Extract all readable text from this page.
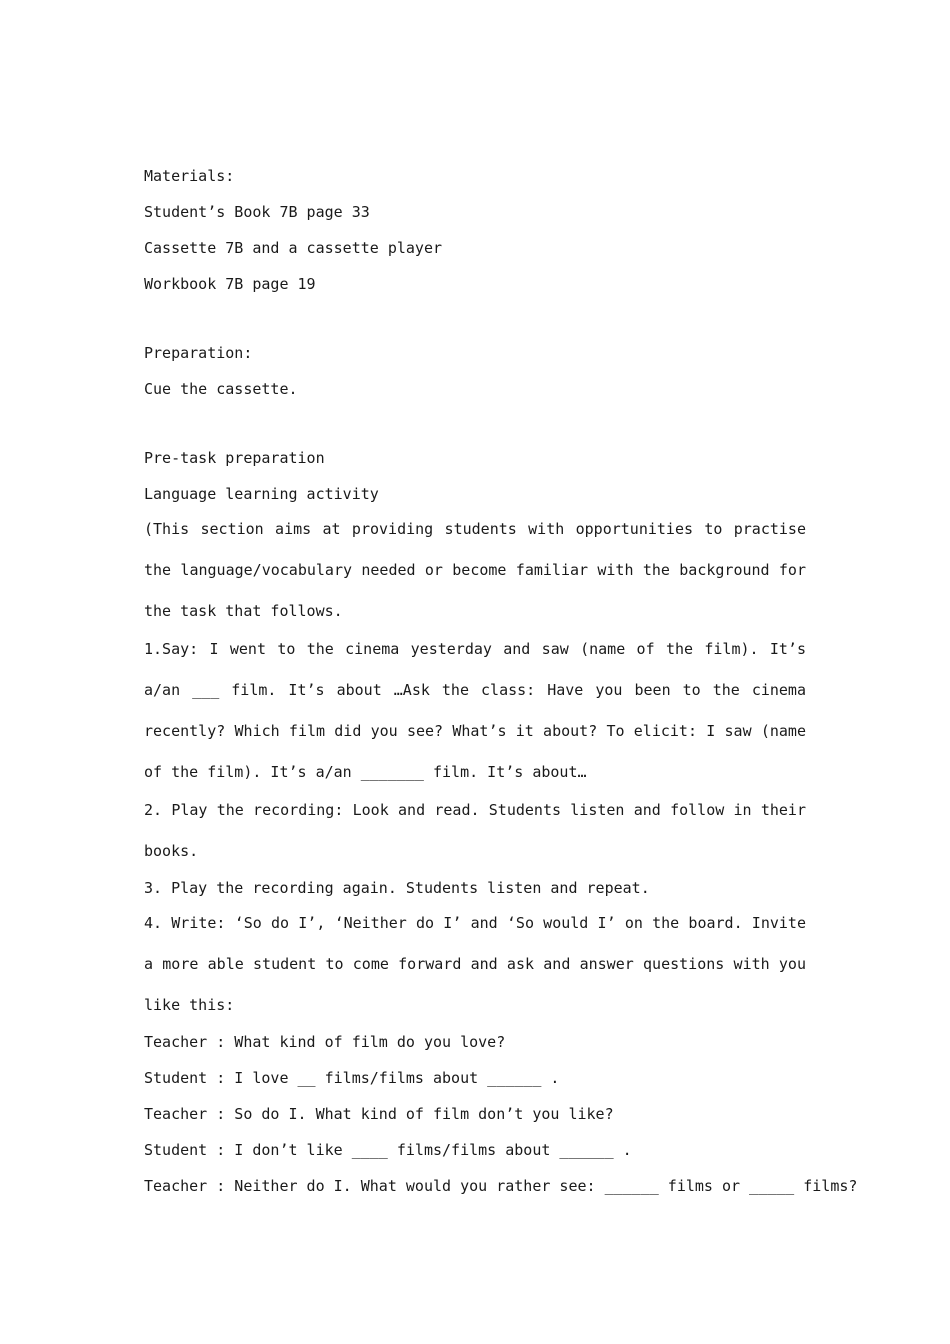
Materials:
Student’s Book 7B page 33
Cassette 7B and a cassette player
Workbook 7B page 19
Preparation:
Cue the cassette.
Pre-task preparation
Language learning activity
(This section aims at providing students with opportunities to practise the language/vocabulary needed or become familiar with the background for the task that follows.
1.Say: I went to the cinema yesterday and saw (name of the film). It’s a/an ___ film. It’s about …Ask the class: Have you been to the cinema recently? Which film did you see? What’s it about? To elicit: I saw (name of the film). It’s a/an _______ film. It’s about…
2. Play the recording: Look and read. Students listen and follow in their books.
3. Play the recording again. Students listen and repeat.
4. Write: ‘So do I’, ‘Neither do I’ and ‘So would I’ on the board. Invite a more able student to come forward and ask and answer questions with you like this:
Teacher : What kind of film do you love?
Student : I love __ films/films about ______ .
Teacher : So do I. What kind of film don’t you like?
Student : I don’t like ____ films/films about ______ .
Teacher : Neither do I. What would you rather see: ______ films or _____ films?
